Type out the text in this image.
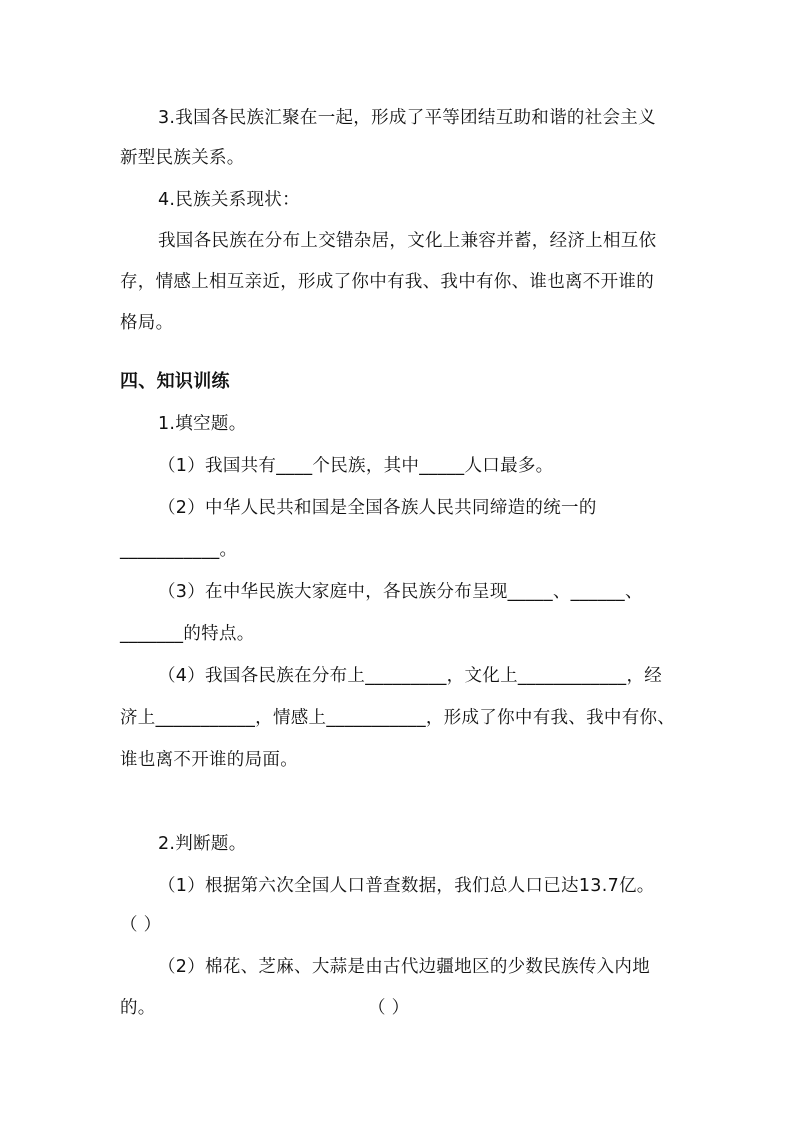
3.我国各民族汇聚在一起，形成了平等团结互助和谐的社会主义
新型民族关系。
4.民族关系现状：
我国各民族在分布上交错杂居，文化上兼容并蓄，经济上相互依
存，情感上相互亲近，形成了你中有我、我中有你、谁也离不开谁的
格局。
四、知识训练
1.填空题。
（1）我国共有____个民族，其中_____人口最多。
（2）中华人民共和国是全国各族人民共同缔造的统一的
___________。
（3）在中华民族大家庭中，各民族分布呈现_____、______、
_______的特点。
（4）我国各民族在分布上_________，文化上____________，经
济上___________，情感上___________，形成了你中有我、我中有你、
谁也离不开谁的局面。
2.判断题。
（1）根据第六次全国人口普查数据，我们总人口已达13.7亿。
（ ）
（2）棉花、芝麻、大蒜是由古代边疆地区的少数民族传入内地
的。	（ ）
